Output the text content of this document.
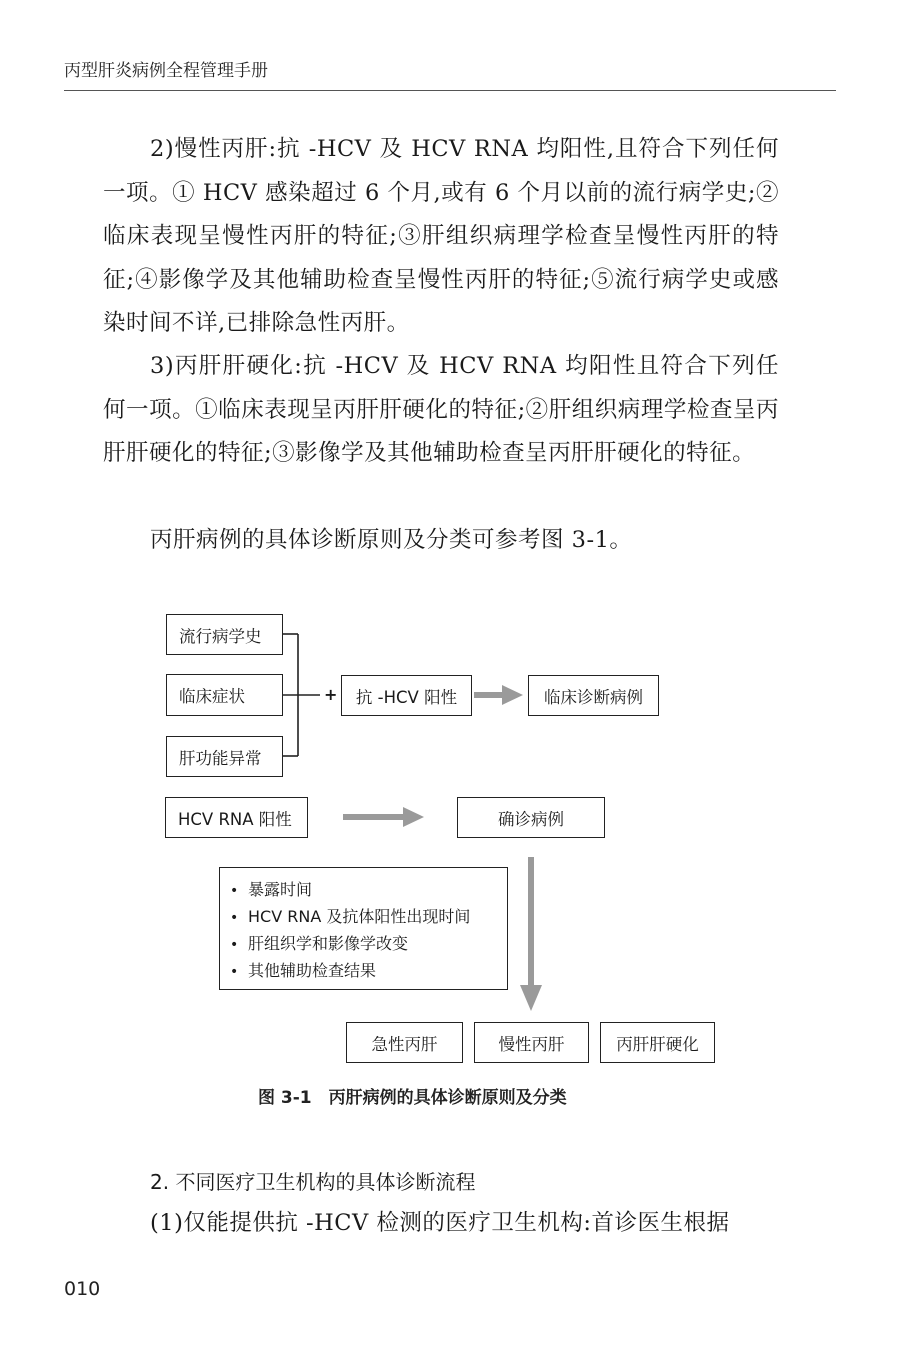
丙型肝炎病例全程管理手册

2)慢性丙肝:抗 -HCV 及 HCV RNA 均阳性,且符合下列任何一项。① HCV 感染超过 6 个月,或有 6 个月以前的流行病学史;②临床表现呈慢性丙肝的特征;③肝组织病理学检查呈慢性丙肝的特征;④影像学及其他辅助检查呈慢性丙肝的特征;⑤流行病学史或感染时间不详,已排除急性丙肝。

3)丙肝肝硬化:抗 -HCV 及 HCV RNA 均阳性且符合下列任何一项。①临床表现呈丙肝肝硬化的特征;②肝组织病理学检查呈丙肝肝硬化的特征;③影像学及其他辅助检查呈丙肝肝硬化的特征。

丙肝病例的具体诊断原则及分类可参考图 3-1。

流行病学史
临床症状
肝功能异常
+	抗 -HCV 阳性	临床诊断病例
HCV RNA 阳性	确诊病例
• 暴露时间
• HCV RNA 及抗体阳性出现时间
• 肝组织学和影像学改变
• 其他辅助检查结果
急性丙肝	慢性丙肝	丙肝肝硬化
图 3-1　丙肝病例的具体诊断原则及分类
2. 不同医疗卫生机构的具体诊断流程

(1)仅能提供抗 -HCV 检测的医疗卫生机构:首诊医生根据

010
